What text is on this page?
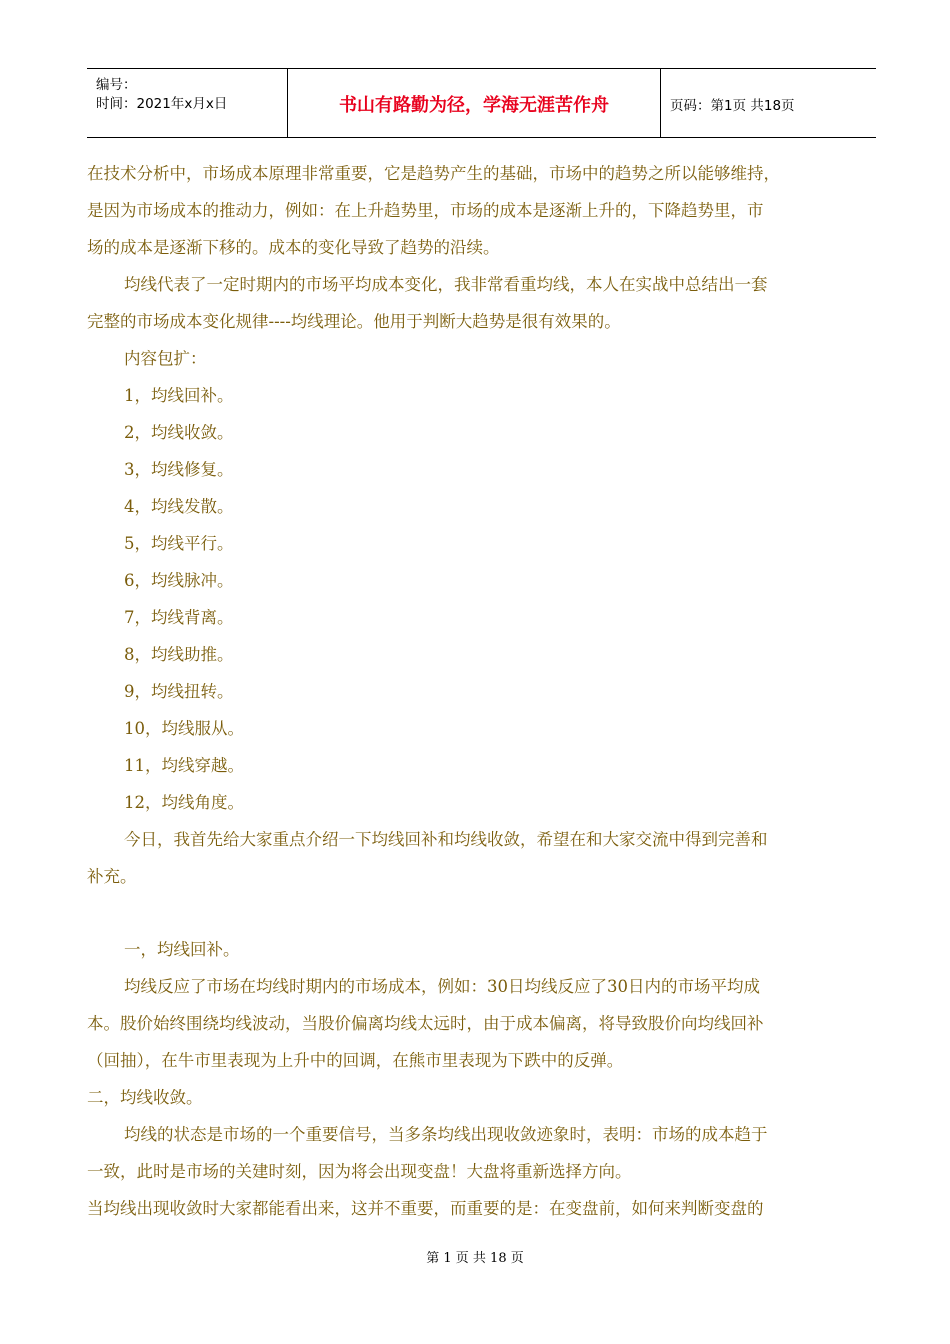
编号：
时间：2021年x月x日	书山有路勤为径，学海无涯苦作舟	页码：第1页 共18页

在技术分析中，市场成本原理非常重要，它是趋势产生的基础，市场中的趋势之所以能够维持，

是因为市场成本的推动力，例如：在上升趋势里，市场的成本是逐渐上升的，下降趋势里，市

场的成本是逐渐下移的。成本的变化导致了趋势的沿续。

均线代表了一定时期内的市场平均成本变化，我非常看重均线，本人在实战中总结出一套

完整的市场成本变化规律----均线理论。他用于判断大趋势是很有效果的。

内容包扩：

1，均线回补。

2，均线收敛。

3，均线修复。

4，均线发散。

5，均线平行。

6，均线脉冲。

7，均线背离。

8，均线助推。

9，均线扭转。

10，均线服从。

11，均线穿越。

12，均线角度。

今日，我首先给大家重点介绍一下均线回补和均线收敛，希望在和大家交流中得到完善和

补充。

一，均线回补。

均线反应了市场在均线时期内的市场成本，例如：30日均线反应了30日内的市场平均成

本。股价始终围绕均线波动，当股价偏离均线太远时，由于成本偏离，将导致股价向均线回补

（回抽），在牛市里表现为上升中的回调，在熊市里表现为下跌中的反弹。

二，均线收敛。

均线的状态是市场的一个重要信号，当多条均线出现收敛迹象时，表明：市场的成本趋于

一致，此时是市场的关建时刻，因为将会出现变盘！大盘将重新选择方向。

当均线出现收敛时大家都能看出来，这并不重要，而重要的是：在变盘前，如何来判断变盘的

第 1 页 共 18 页
